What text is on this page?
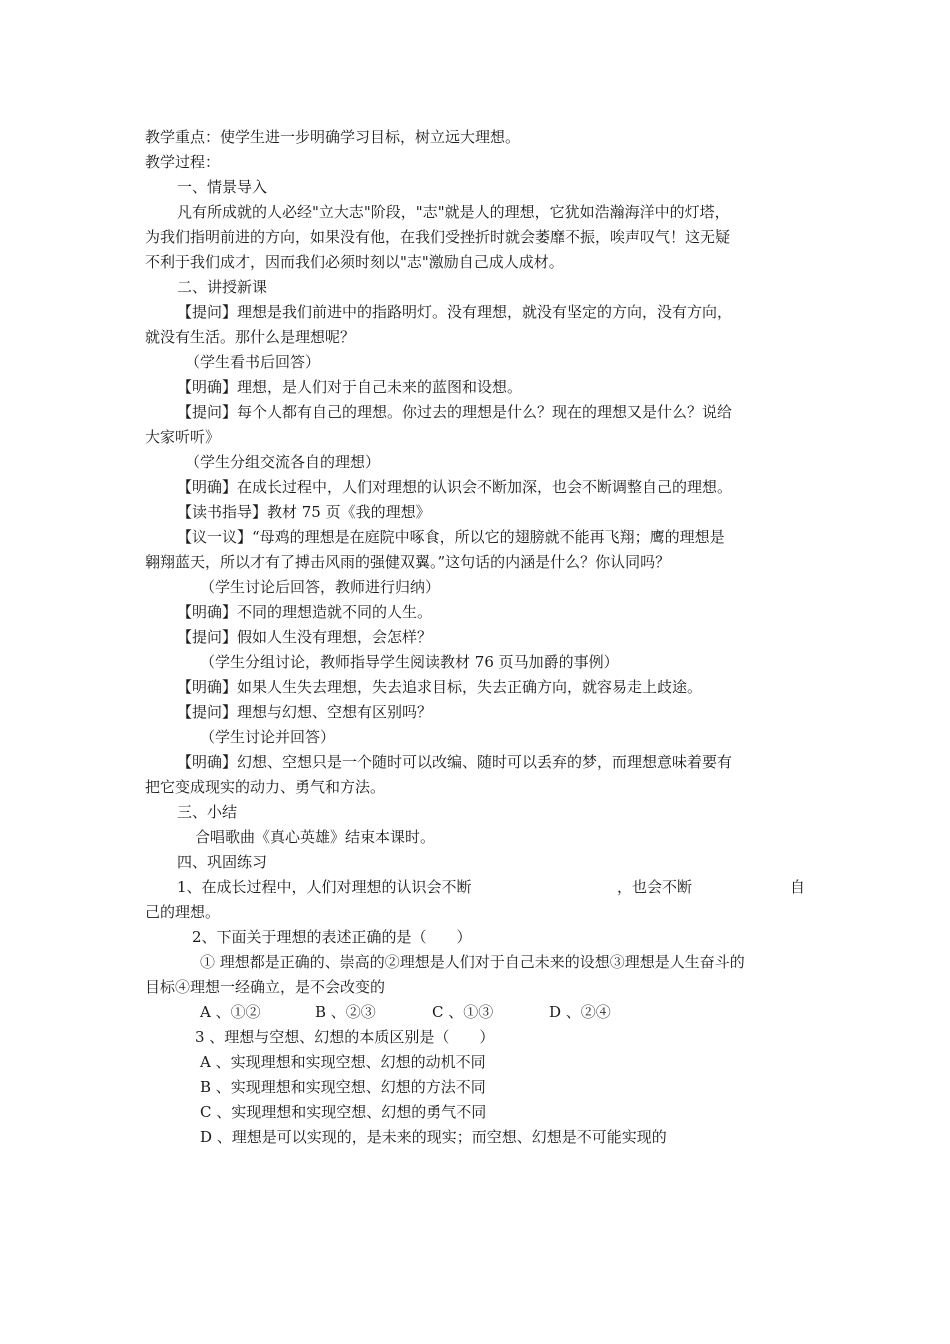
教学重点：使学生进一步明确学习目标，树立远大理想。
教学过程：
一、情景导入
凡有所成就的人必经"立大志"阶段，"志"就是人的理想，它犹如浩瀚海洋中的灯塔，
为我们指明前进的方向，如果没有他，在我们受挫折时就会萎靡不振，唉声叹气！这无疑
不利于我们成才，因而我们必须时刻以"志"激励自己成人成材。
二、讲授新课
【提问】理想是我们前进中的指路明灯。没有理想，就没有坚定的方向，没有方向，
就没有生活。那什么是理想呢？
（学生看书后回答）
【明确】理想，是人们对于自己未来的蓝图和设想。
【提问】每个人都有自己的理想。你过去的理想是什么？现在的理想又是什么？说给
大家听听》
（学生分组交流各自的理想）
【明确】在成长过程中，人们对理想的认识会不断加深，也会不断调整自己的理想。
【读书指导】教材 75 页《我的理想》
【议一议】“母鸡的理想是在庭院中啄食，所以它的翅膀就不能再飞翔；鹰的理想是
翱翔蓝天，所以才有了搏击风雨的强健双翼。”这句话的内涵是什么？你认同吗？
（学生讨论后回答，教师进行归纳）
【明确】不同的理想造就不同的人生。
【提问】假如人生没有理想，会怎样？
（学生分组讨论，教师指导学生阅读教材 76 页马加爵的事例）
【明确】如果人生失去理想，失去追求目标，失去正确方向，就容易走上歧途。
【提问】理想与幻想、空想有区别吗？
（学生讨论并回答）
【明确】幻想、空想只是一个随时可以改编、随时可以丢弃的梦，而理想意味着要有
把它变成现实的动力、勇气和方法。
三、小结
合唱歌曲《真心英雄》结束本课时。
四、巩固练习
1、在成长过程中，人们对理想的认识会不断	，也会不断	自
己的理想。
2、下面关于理想的表述正确的是（　　）
① 理想都是正确的、崇高的②理想是人们对于自己未来的设想③理想是人生奋斗的
目标④理想一经确立，是不会改变的
A 、①②	B 、②③	C 、①③	D 、②④
3 、理想与空想、幻想的本质区别是（　　）
A 、实现理想和实现空想、幻想的动机不同
B 、实现理想和实现空想、幻想的方法不同
C 、实现理想和实现空想、幻想的勇气不同
D 、理想是可以实现的，是未来的现实；而空想、幻想是不可能实现的
